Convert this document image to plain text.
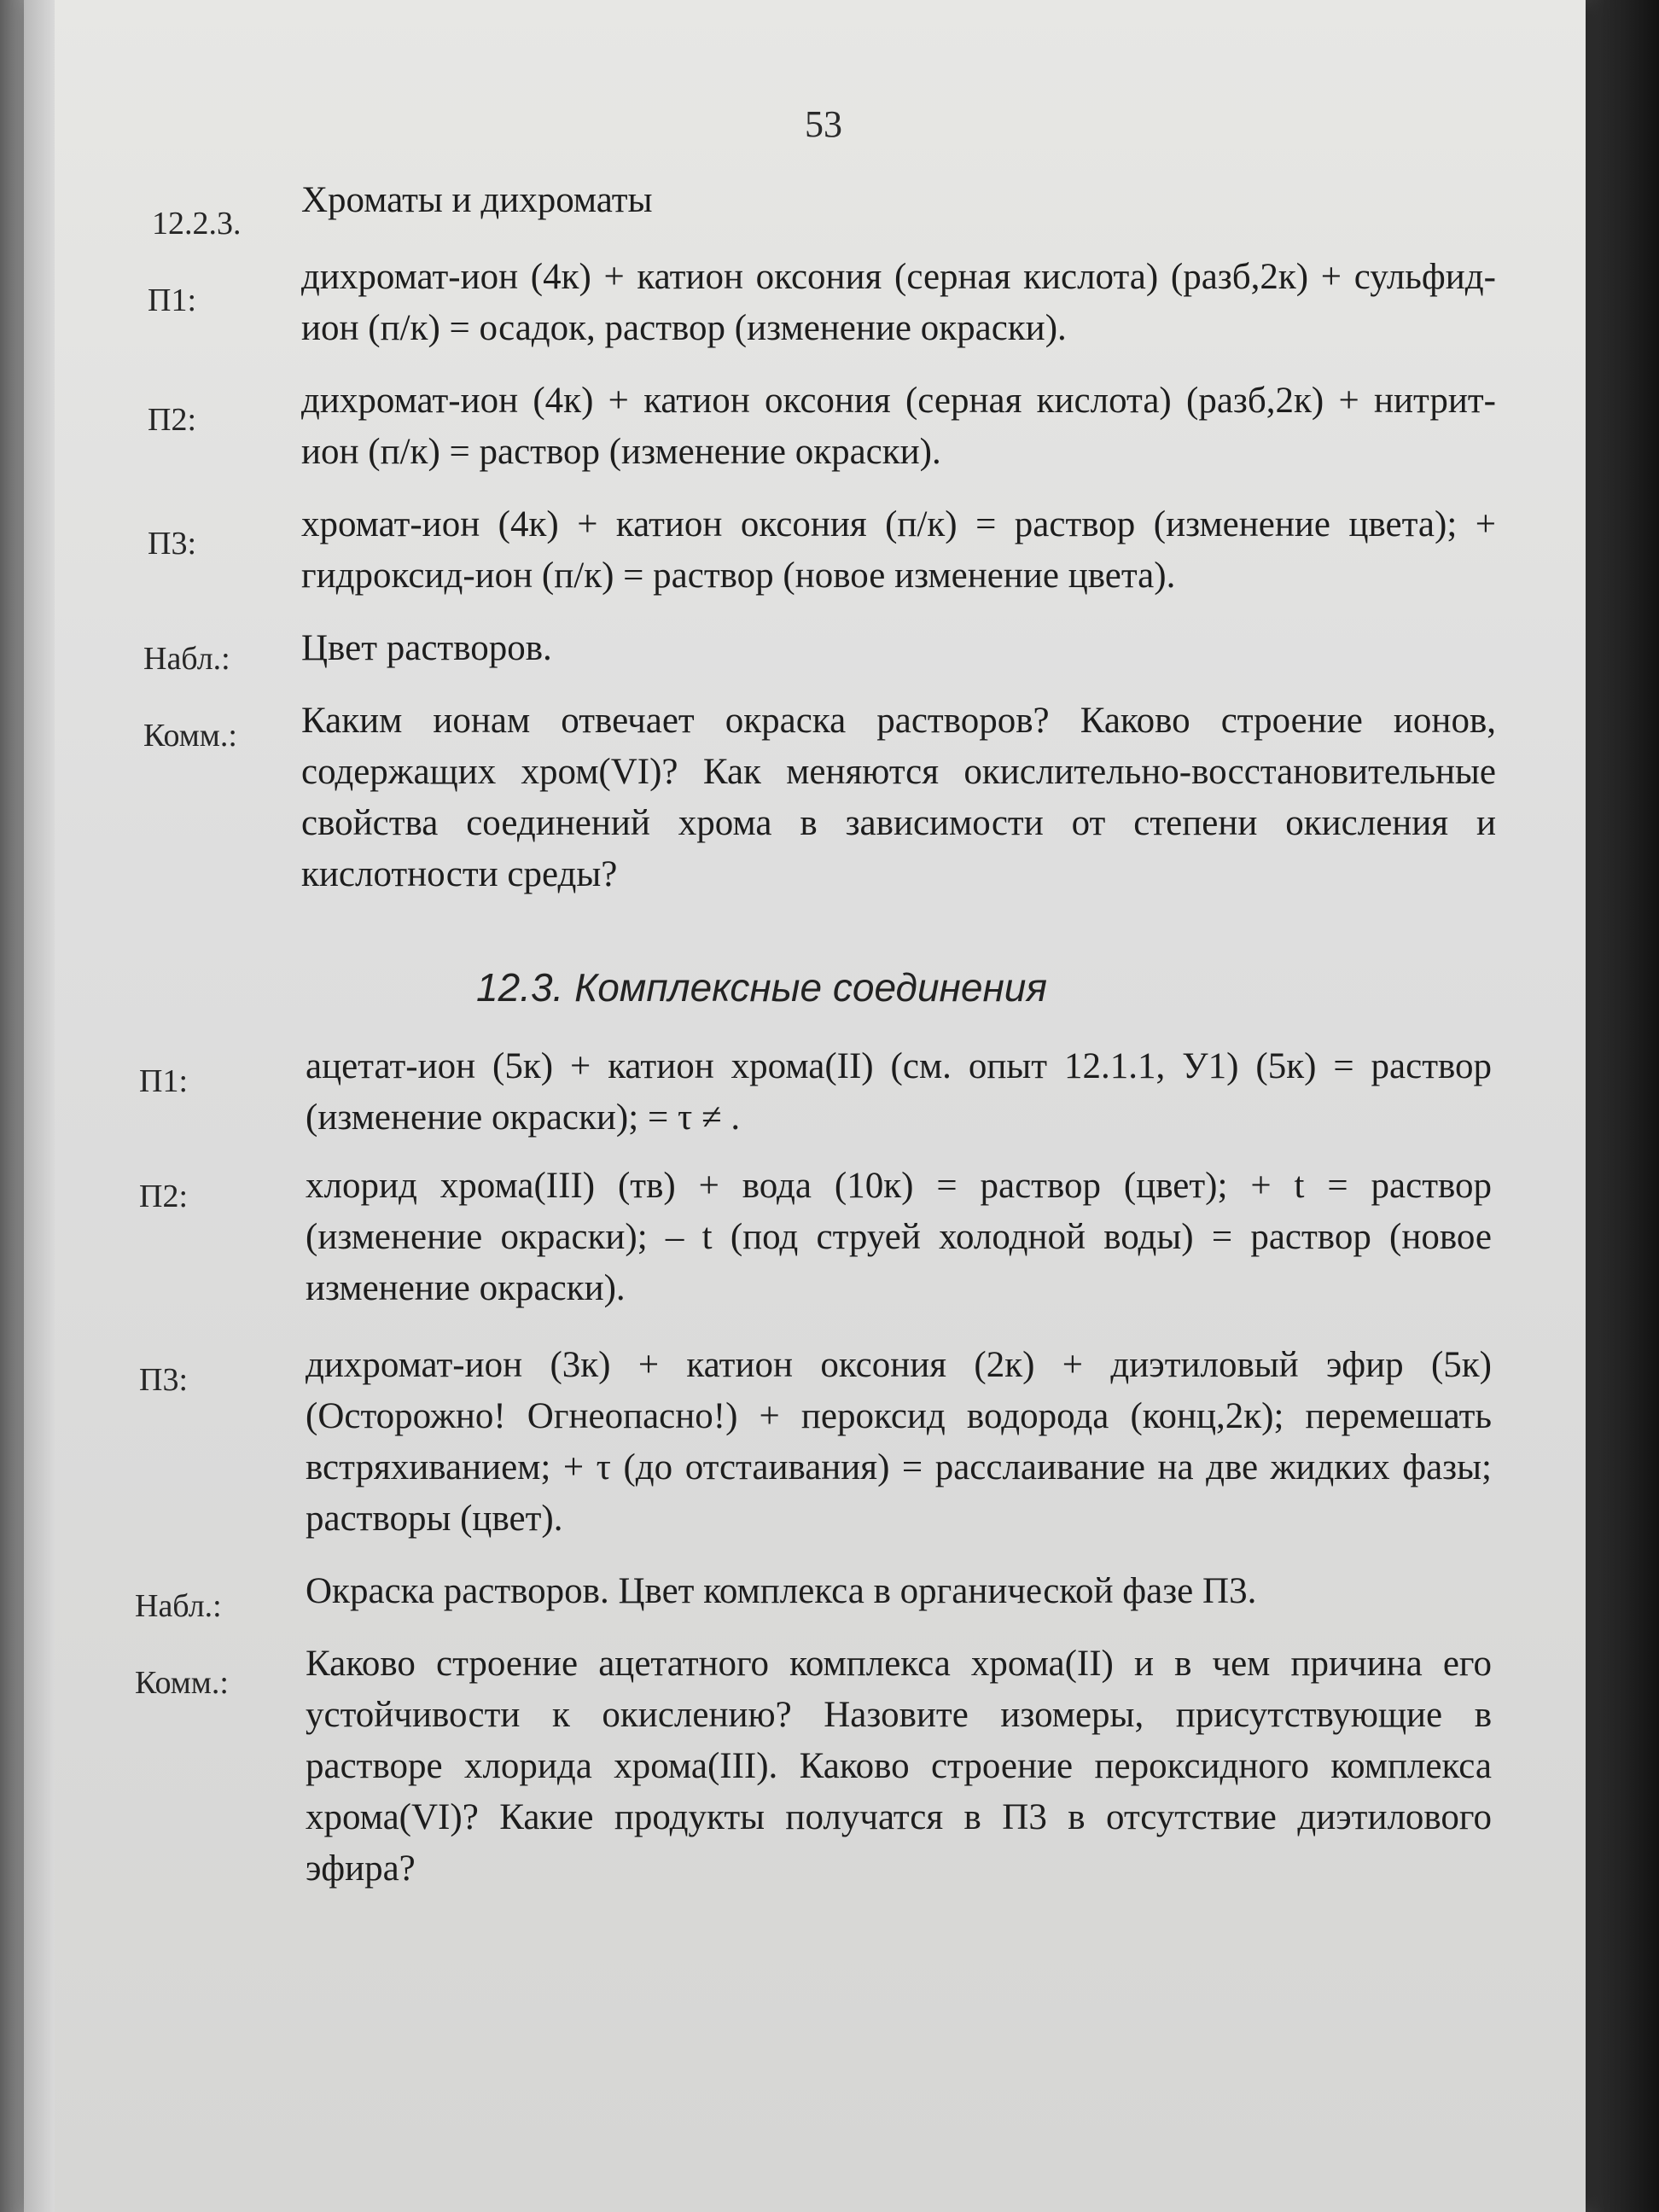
53
12.2.3.
Хроматы и дихроматы
П1:
дихромат-ион (4к) + катион оксония (серная кислота) (разб,2к) + сульфид-ион (п/к) = осадок, раствор (изменение окраски).
П2:	дихромат-ион (4к) + катион оксония (серная кислота) (разб,2к) + нитрит-ион (п/к) = раствор (изменение окраски).
П3:	хромат-ион (4к) + катион оксония (п/к) = раствор (изменение цвета); + гидроксид-ион (п/к) = раствор (новое изменение цвета).
Набл.: Цвет растворов.
Комм.: Каким ионам отвечает окраска растворов? Каково строение ионов, содержащих хром(VI)? Как меняются окислительно-восстановительные свойства соединений хрома в зависимости от степени окисления и кислотности среды?
12.3. Комплексные соединения
П1:	ацетат-ион (5к) + катион хрома(II) (см. опыт 12.1.1, У1) (5к) = раствор (изменение окраски); = τ ≠ .
П2:	хлорид хрома(III) (тв) + вода (10к) = раствор (цвет); + t = раствор (изменение окраски); – t (под струей холодной воды) = раствор (новое изменение окраски).
П3:	дихромат-ион (3к) + катион оксония (2к) + диэтиловый эфир (5к) (Осторожно! Огнеопасно!) + пероксид водорода (конц,2к); перемешать встряхиванием; + τ (до отстаивания) = расслаивание на две жидких фазы; растворы (цвет).
Набл.: Окраска растворов. Цвет комплекса в органической фазе П3.
Комм.: Каково строение ацетатного комплекса хрома(II) и в чем причина его устойчивости к окислению? Назовите изомеры, присутствующие в растворе хлорида хрома(III). Каково строение пероксидного комплекса хрома(VI)? Какие продукты получатся в П3 в отсутствие диэтилового эфира?
